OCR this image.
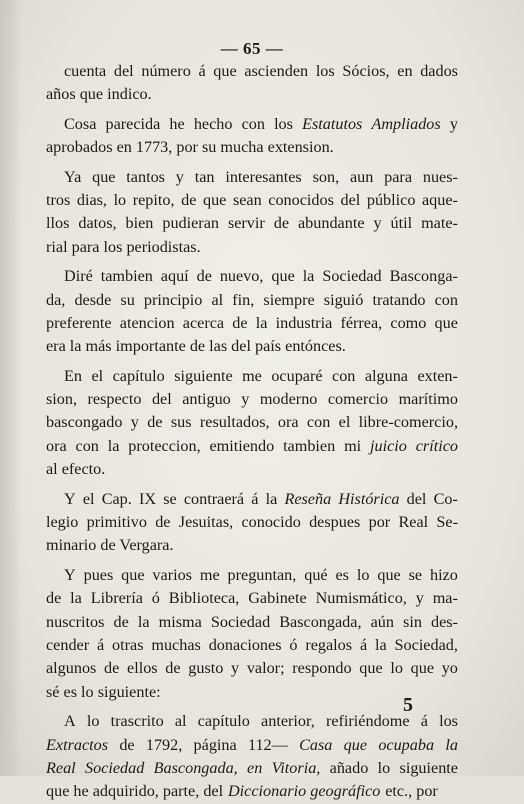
— 65 —
cuenta del número á que ascienden los Sócios, en dados
años que indico.
Cosa parecida he hecho con los Estatutos Ampliados y
aprobados en 1773, por su mucha extension.
Ya que tantos y tan interesantes son, aun para nues-
tros dias, lo repito, de que sean conocidos del público aque-
llos datos, bien pudieran servir de abundante y útil mate-
rial para los periodistas.
Diré tambien aquí de nuevo, que la Sociedad Basconga-
da, desde su principio al fin, siempre siguió tratando con
preferente atencion acerca de la industria férrea, como que
era la más importante de las del país entónces.
En el capítulo siguiente me ocuparé con alguna exten-
sion, respecto del antiguo y moderno comercio marítimo
bascongado y de sus resultados, ora con el libre-comercio,
ora con la proteccion, emitiendo tambien mi juicio crítico
al efecto.
Y el Cap. IX se contraerá á la Reseña Histórica del Co-
legio primitivo de Jesuitas, conocido despues por Real Se-
minario de Vergara.
Y pues que varios me preguntan, qué es lo que se hizo
de la Librería ó Biblioteca, Gabinete Numismático, y ma-
nuscritos de la misma Sociedad Bascongada, aún sin des-
cender á otras muchas donaciones ó regalos á la Sociedad,
algunos de ellos de gusto y valor; respondo que lo que yo
sé es lo siguiente:
A lo trascrito al capítulo anterior, refiriéndome á los
Extractos de 1792, página 112— Casa que ocupaba la
Real Sociedad Bascongada, en Vitoria, añado lo siguiente
que he adquirido, parte, del Diccionario geográfico etc., por
5
